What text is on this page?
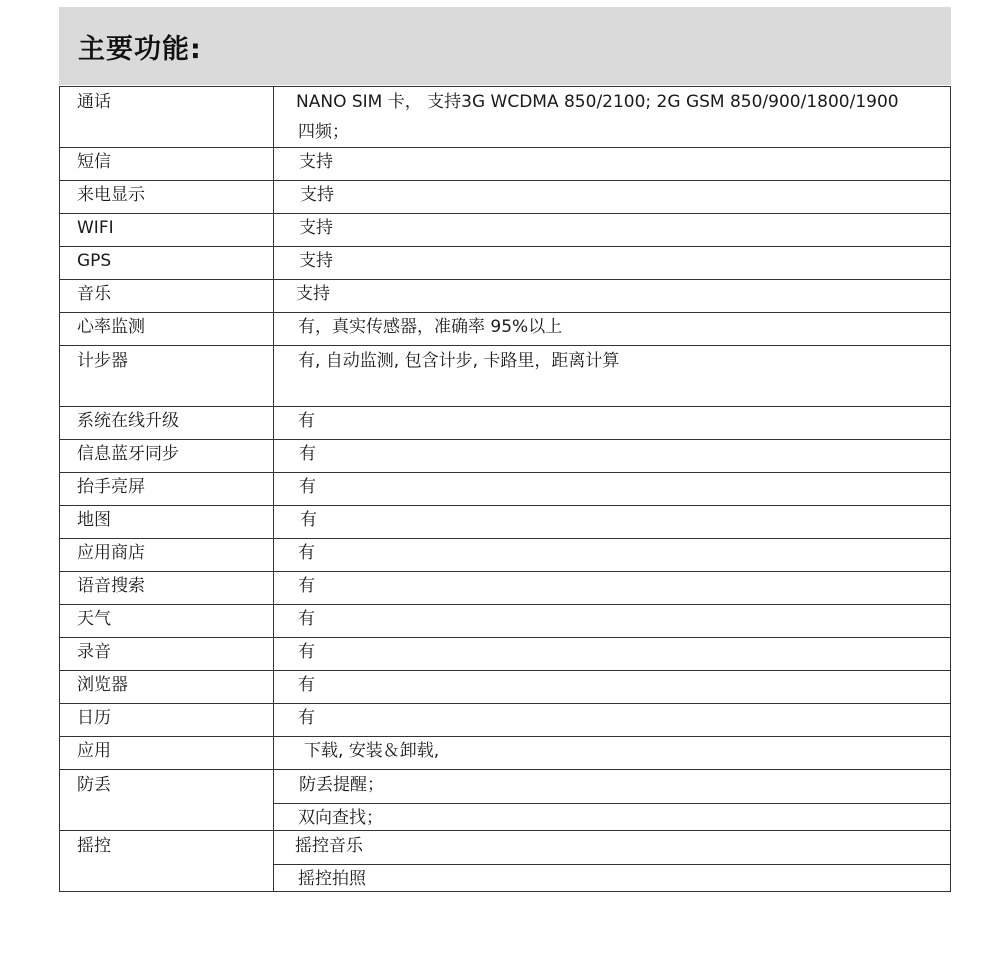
主要功能:
通话	NANO SIM 卡， 支持3G WCDMA 850/2100; 2G GSM 850/900/1800/1900
四频；

短信	支持
来电显示	支持
WIFI	支持
GPS	支持
音乐	支持
心率监测	有，真实传感器，准确率 95%以上
计步器	有, 自动监测, 包含计步, 卡路里，距离计算
系统在线升级	有
信息蓝牙同步	有
抬手亮屏	有
地图	有
应用商店	有
语音搜索	有
天气	有
录音	有
浏览器	有
日历	有
应用	下载, 安装＆卸载,
防丢	防丢提醒；
双向查找；

摇控	摇控音乐
摇控拍照
